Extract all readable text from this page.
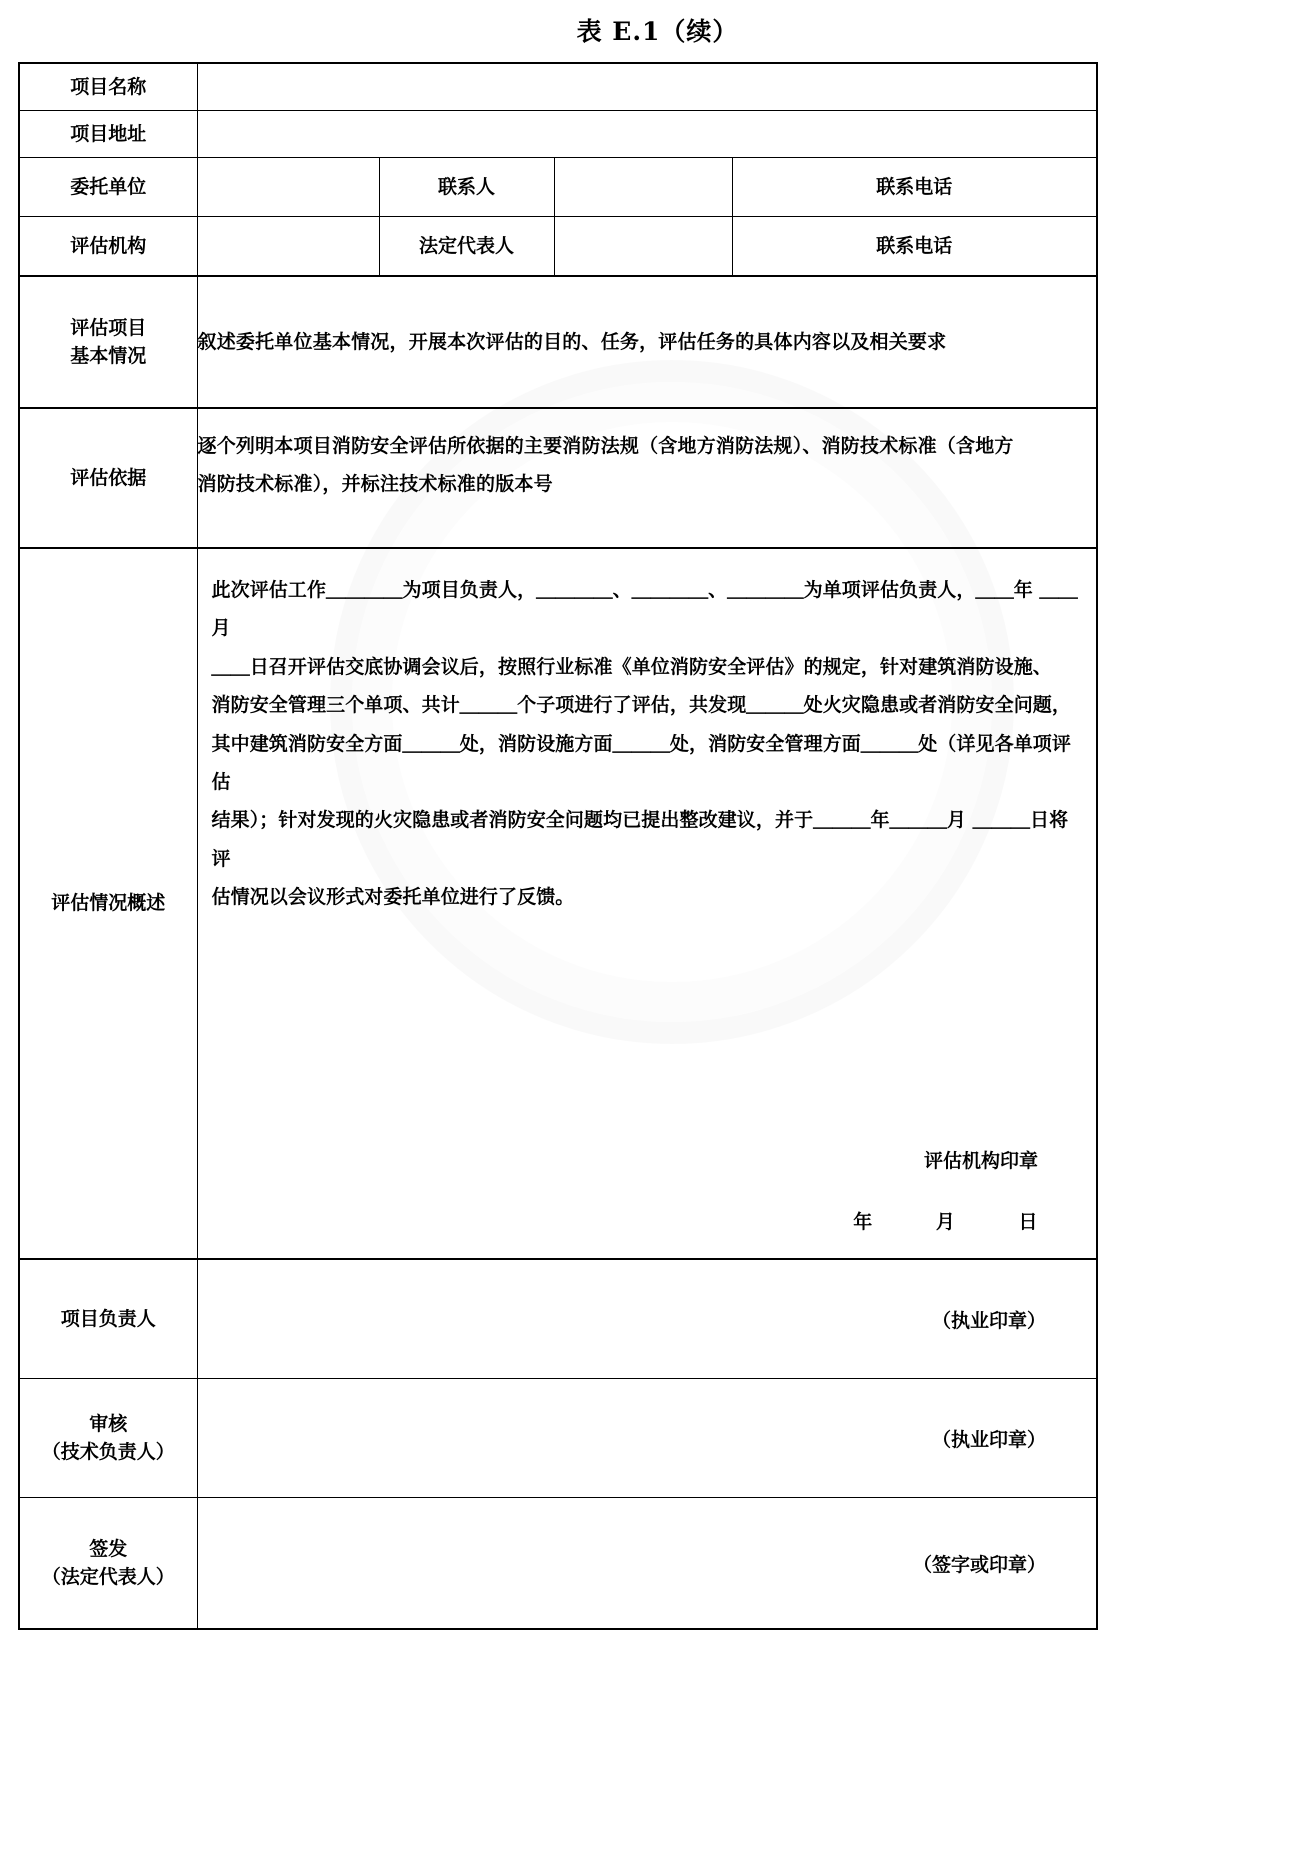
表 E.1（续）
项目名称				
项目地址				
委托单位		联系人		联系电话
评估机构		法定代表人		联系电话

评估项目
基本情况	叙述委托单位基本情况，开展本次评估的目的、任务，评估任务的具体内容以及相关要求			

评估依据	逐个列明本项目消防安全评估所依据的主要消防法规（含地方消防法规）、消防技术标准（含地方

消防技术标准），并标注技术标准的版本号			

评估情况概述	

此次评估工作＿＿＿＿为项目负责人，＿＿＿＿、＿＿＿＿、＿＿＿＿为单项评估负责人，＿＿年 ＿＿月

＿＿日召开评估交底协调会议后，按照行业标准《单位消防安全评估》的规定，针对建筑消防设施、

消防安全管理三个单项、共计＿＿＿个子项进行了评估，共发现＿＿＿处火灾隐患或者消防安全问题，

其中建筑消防安全方面＿＿＿处，消防设施方面＿＿＿处，消防安全管理方面＿＿＿处（详见各单项评估

结果）；针对发现的火灾隐患或者消防安全问题均已提出整改建议，并于＿＿＿年＿＿＿月 ＿＿＿日将评

估情况以会议形式对委托单位进行了反馈。

评估机构印章
年	月	日

项目负责人	（执业印章）			

审核
（技术负责人）	（执业印章）			

签发
（法定代表人）	（签字或印章）			
